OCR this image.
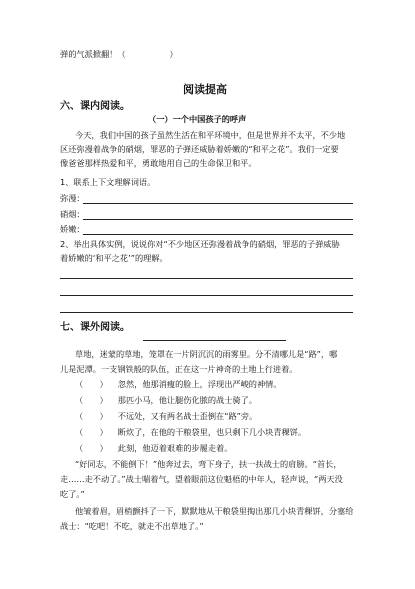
弹的气派掀翻！（	）
阅读提高
六、课内阅读。
（一）一个中国孩子的呼声
今天，我们中国的孩子虽然生活在和平环境中，但是世界并不太平，不少地
区还弥漫着战争的硝烟，罪恶的子弹还威胁着娇嫩的“和平之花”。我们一定要
像爸爸那样热爱和平，勇敢地用自己的生命保卫和平。
1、联系上下文理解词语。
弥漫：
硝烟：
娇嫩：
2、举出具体实例，说说你对“不少地区还弥漫着战争的硝烟，罪恶的子弹威胁
着娇嫩的‘和平之花’”的理解。
七、课外阅读。
草地，迷蒙的草地，笼罩在一片阴沉沉的雨雾里。分不清哪儿是“路”，哪
儿是泥潭。一支钢铁般的队伍，正在这一片神奇的土地上行进着。
（　　） 忽然，他那消瘦的脸上，浮现出严峻的神情。
（　　） 那匹小马，他让腿伤化脓的战士骑了。
（　　） 不远处，又有两名战士歪倒在“路”旁。
（　　） 断炊了，在他的干粮袋里，也只剩下几小块青稞饼。
（　　） 此刻，他迈着艰难的步履走着。
“好同志，不能倒下！”他奔过去，弯下身子，扶一扶战士的肩膀。“首长，
走……走不动了。”战士喘着气，望着眼前这位魁梧的中年人，轻声说，“两天没
吃了。”
他皱着眉，眉梢颤抖了一下，默默地从干粮袋里掏出那几小块青稞饼，分塞给
战士：“吃吧！不吃，就走不出草地了。”
